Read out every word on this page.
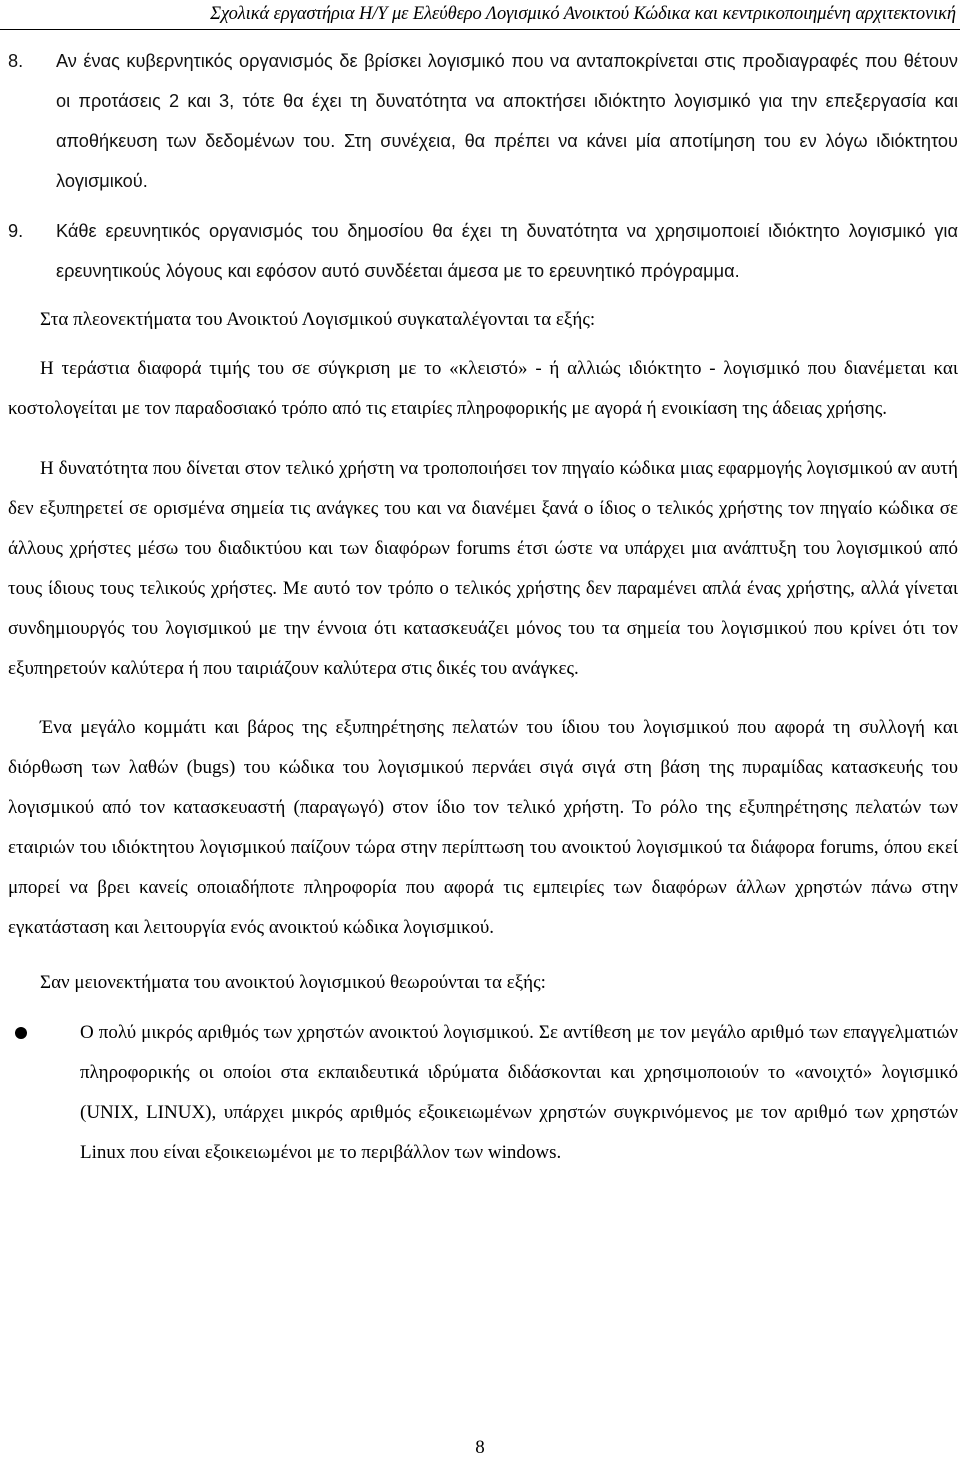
Σχολικά εργαστήρια Η/Υ με Ελεύθερο Λογισμικό Ανοικτού Κώδικα και κεντρικοποιημένη αρχιτεκτονική
8. Αν ένας κυβερνητικός οργανισμός δε βρίσκει λογισμικό που να ανταποκρίνεται στις προδιαγραφές που θέτουν οι προτάσεις 2 και 3, τότε θα έχει τη δυνατότητα να αποκτήσει ιδιόκτητο λογισμικό για την επεξεργασία και αποθήκευση των δεδομένων του. Στη συνέχεια, θα πρέπει να κάνει μία αποτίμηση του εν λόγω ιδιόκτητου λογισμικού.
9. Κάθε ερευνητικός οργανισμός του δημοσίου θα έχει τη δυνατότητα να χρησιμοποιεί ιδιόκτητο λογισμικό για ερευνητικούς λόγους και εφόσον αυτό συνδέεται άμεσα με το ερευνητικό πρόγραμμα.

Στα πλεονεκτήματα του Ανοικτού Λογισμικού συγκαταλέγονται τα εξής:

Η τεράστια διαφορά τιμής του σε σύγκριση με το «κλειστό» - ή αλλιώς ιδιόκτητο - λογισμικό που διανέμεται και κοστολογείται με τον παραδοσιακό τρόπο από τις εταιρίες πληροφορικής με αγορά ή ενοικίαση της άδειας χρήσης.

Η δυνατότητα που δίνεται στον τελικό χρήστη να τροποποιήσει τον πηγαίο κώδικα μιας εφαρμογής λογισμικού αν αυτή δεν εξυπηρετεί σε ορισμένα σημεία τις ανάγκες του και να διανέμει ξανά ο ίδιος ο τελικός χρήστης τον πηγαίο κώδικα σε άλλους χρήστες μέσω του διαδικτύου και των διαφόρων forums έτσι ώστε να υπάρχει μια ανάπτυξη του λογισμικού από τους ίδιους τους τελικούς χρήστες. Με αυτό τον τρόπο ο τελικός χρήστης δεν παραμένει απλά ένας χρήστης, αλλά γίνεται συνδημιουργός του λογισμικού με την έννοια ότι κατασκευάζει μόνος του τα σημεία του λογισμικού που κρίνει ότι τον εξυπηρετούν καλύτερα ή που ταιριάζουν καλύτερα στις δικές του ανάγκες.

Ένα μεγάλο κομμάτι και βάρος της εξυπηρέτησης πελατών του ίδιου του λογισμικού που αφορά τη συλλογή και διόρθωση των λαθών (bugs) του κώδικα του λογισμικού περνάει σιγά σιγά στη βάση της πυραμίδας κατασκευής του λογισμικού από τον κατασκευαστή (παραγωγό) στον ίδιο τον τελικό χρήστη. Το ρόλο της εξυπηρέτησης πελατών των εταιριών του ιδιόκτητου λογισμικού παίζουν τώρα στην περίπτωση του ανοικτού λογισμικού τα διάφορα forums, όπου εκεί μπορεί να βρει κανείς οποιαδήποτε πληροφορία που αφορά τις εμπειρίες των διαφόρων άλλων χρηστών πάνω στην εγκατάσταση και λειτουργία ενός ανοικτού κώδικα λογισμικού.

Σαν μειονεκτήματα του ανοικτού λογισμικού θεωρούνται τα εξής:

Ο πολύ μικρός αριθμός των χρηστών ανοικτού λογισμικού. Σε αντίθεση με τον μεγάλο αριθμό των επαγγελματιών πληροφορικής οι οποίοι στα εκπαιδευτικά ιδρύματα διδάσκονται και χρησιμοποιούν το «ανοιχτό» λογισμικό (UNIX, LINUX), υπάρχει μικρός αριθμός εξοικειωμένων χρηστών συγκρινόμενος με τον αριθμό των χρηστών Linux που είναι εξοικειωμένοι με το περιβάλλον των windows.
8
